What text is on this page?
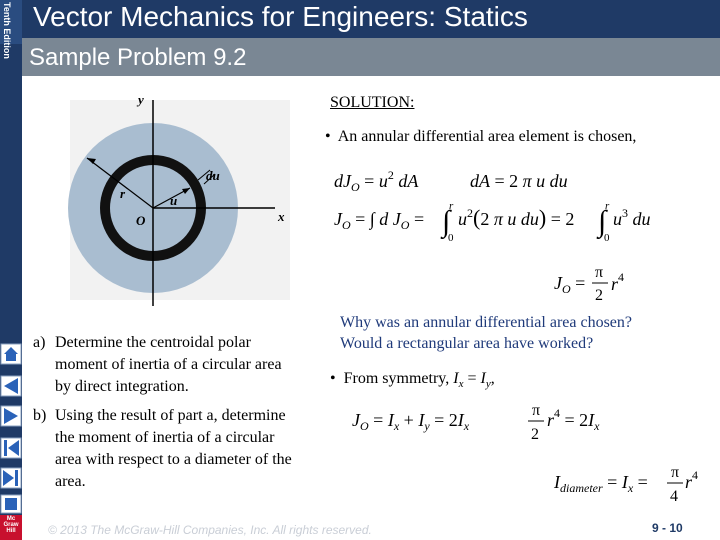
Tenth Edition Vector Mechanics for Engineers: Statics
Sample Problem 9.2
Mc
Graw
Hill
y
x
r	u
du
O
SOLUTION:
• An annular differential area element is chosen,
$dJ_O = u^2$ dA	dA = 2 π u du
$J_O$ = ∫ d $J_O$ = ∫
r
0
$u^2(2$ π u du) = 2 ∫
r
0
$u^3$ du
$J_O$ =
π
2
$r^4$
a) Determine the centroidal polar moment of inertia of a circular area by direct integration.
b) Using the result of part a, determine the moment of inertia of a circular area with respect to a diameter of the area.
Why was an annular differential area chosen?
Would a rectangular area have worked?
• From symmetry, $I_x = I_y$,
$J_O = I_x + I_y = 2I_x$
π
2
$r^4 = 2I_x$
$I_{diameter} = I_x = \pi$
4
$r^4$
© 2013 The McGraw-Hill Companies, Inc. All rights reserved.	9 - 10
